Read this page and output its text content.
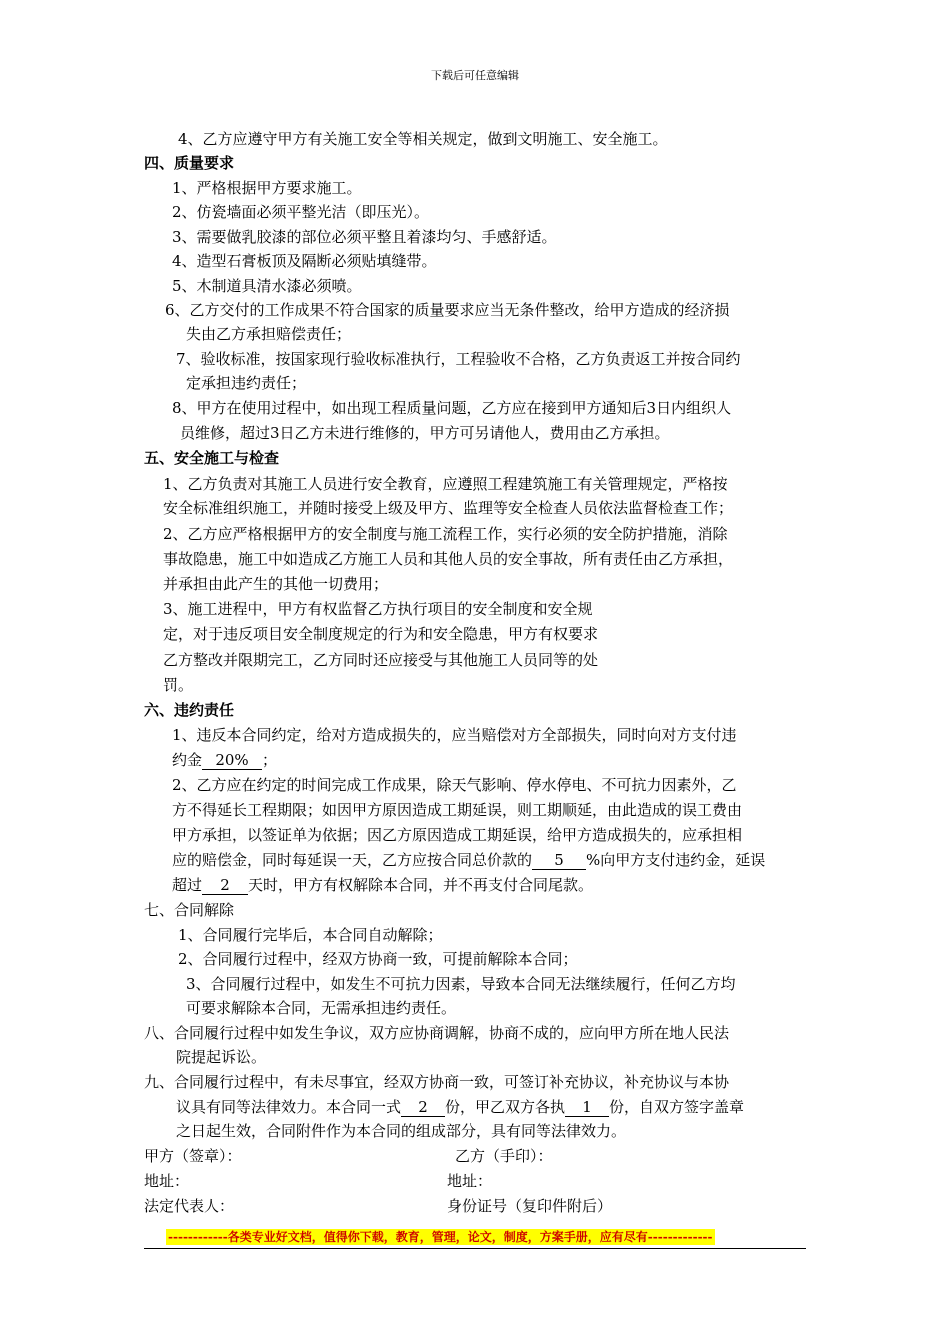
下载后可任意编辑
4、乙方应遵守甲方有关施工安全等相关规定，做到文明施工、安全施工。
四、质量要求
1、严格根据甲方要求施工。
2、仿瓷墙面必须平整光洁（即压光）。
3、需要做乳胶漆的部位必须平整且着漆均匀、手感舒适。
4、造型石膏板顶及隔断必须贴填缝带。
5、木制道具清水漆必须喷。
6、乙方交付的工作成果不符合国家的质量要求应当无条件整改，给甲方造成的经济损
失由乙方承担赔偿责任；
7、验收标准，按国家现行验收标准执行，工程验收不合格，乙方负责返工并按合同约
定承担违约责任；
8、甲方在使用过程中，如出现工程质量问题，乙方应在接到甲方通知后3日内组织人
员维修，超过3日乙方未进行维修的，甲方可另请他人，费用由乙方承担。
五、安全施工与检查
1、乙方负责对其施工人员进行安全教育，应遵照工程建筑施工有关管理规定，严格按
安全标准组织施工，并随时接受上级及甲方、监理等安全检查人员依法监督检查工作；
2、乙方应严格根据甲方的安全制度与施工流程工作，实行必须的安全防护措施，消除
事故隐患，施工中如造成乙方施工人员和其他人员的安全事故，所有责任由乙方承担，
并承担由此产生的其他一切费用；
3、施工进程中，甲方有权监督乙方执行项目的安全制度和安全规
定，对于违反项目安全制度规定的行为和安全隐患，甲方有权要求
乙方整改并限期完工，乙方同时还应接受与其他施工人员同等的处
罚。
六、违约责任
1、违反本合同约定，给对方造成损失的，应当赔偿对方全部损失，同时向对方支付违
2、乙方应在约定的时间完成工作成果，除天气影响、停水停电、不可抗力因素外，乙
方不得延长工程期限；如因甲方原因造成工期延误，则工期顺延，由此造成的误工费由
甲方承担，以签证单为依据；因乙方原因造成工期延误，给甲方造成损失的，应承担相
七、合同解除
1、合同履行完毕后，本合同自动解除；
2、合同履行过程中，经双方协商一致，可提前解除本合同；
3、合同履行过程中，如发生不可抗力因素，导致本合同无法继续履行，任何乙方均
可要求解除本合同，无需承担违约责任。
八、合同履行过程中如发生争议，双方应协商调解，协商不成的，应向甲方所在地人民法
院提起诉讼。
九、合同履行过程中，有未尽事宜，经双方协商一致，可签订补充协议，补充协议与本协
之日起生效，合同附件作为本合同的组成部分，具有同等法律效力。
甲方（签章）：	乙方（手印）：
地址：	地址：
法定代表人：	身份证号（复印件附后）
约金 20% ；
应的赔偿金，同时每延误一天，乙方应按合同总价款的 5 %向甲方支付违约金，延误
超过 2 天时，甲方有权解除本合同，并不再支付合同尾款。
议具有同等法律效力。本合同一式 2 份，甲乙双方各执 1 份，自双方签字盖章
------------各类专业好文档，值得你下载，教育，管理，论文，制度，方案手册，应有尽有-------------
